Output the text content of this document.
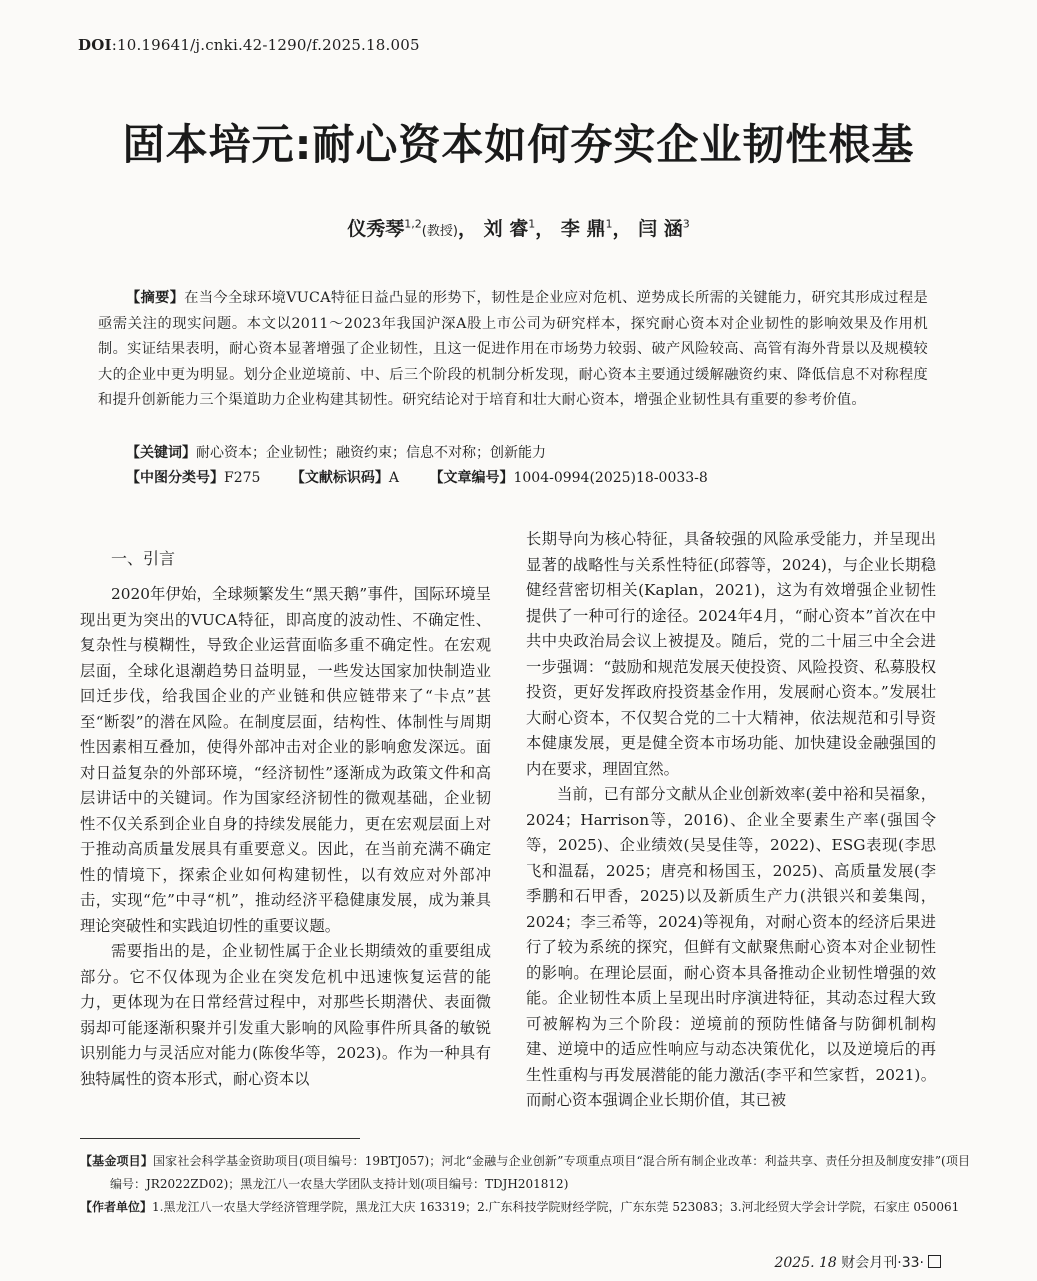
DOI:10.19641/j.cnki.42-1290/f.2025.18.005
固本培元:耐心资本如何夯实企业韧性根基
仪秀琴$^{1,2}$(教授)， 刘 睿$^1$， 李 鼎$^1$， 闫 涵$^3$
【摘要】在当今全球环境VUCA特征日益凸显的形势下，韧性是企业应对危机、逆势成长所需的关键能力，研究其形成过程是亟需关注的现实问题。本文以2011～2023年我国沪深A股上市公司为研究样本，探究耐心资本对企业韧性的影响效果及作用机制。实证结果表明，耐心资本显著增强了企业韧性，且这一促进作用在市场势力较弱、破产风险较高、高管有海外背景以及规模较大的企业中更为明显。划分企业逆境前、中、后三个阶段的机制分析发现，耐心资本主要通过缓解融资约束、降低信息不对称程度和提升创新能力三个渠道助力企业构建其韧性。研究结论对于培育和壮大耐心资本，增强企业韧性具有重要的参考价值。
【关键词】耐心资本；企业韧性；融资约束；信息不对称；创新能力
【中图分类号】F275 【文献标识码】A 【文章编号】1004-0994(2025)18-0033-8
一、引言

2020年伊始，全球频繁发生“黑天鹅”事件，国际环境呈现出更为突出的VUCA特征，即高度的波动性、不确定性、复杂性与模糊性，导致企业运营面临多重不确定性。在宏观层面，全球化退潮趋势日益明显，一些发达国家加快制造业回迁步伐，给我国企业的产业链和供应链带来了“卡点”甚至“断裂”的潜在风险。在制度层面，结构性、体制性与周期性因素相互叠加，使得外部冲击对企业的影响愈发深远。面对日益复杂的外部环境，“经济韧性”逐渐成为政策文件和高层讲话中的关键词。作为国家经济韧性的微观基础，企业韧性不仅关系到企业自身的持续发展能力，更在宏观层面上对于推动高质量发展具有重要意义。因此，在当前充满不确定性的情境下，探索企业如何构建韧性，以有效应对外部冲击，实现“危”中寻“机”，推动经济平稳健康发展，成为兼具理论突破性和实践迫切性的重要议题。

需要指出的是，企业韧性属于企业长期绩效的重要组成部分。它不仅体现为企业在突发危机中迅速恢复运营的能力，更体现为在日常经营过程中，对那些长期潜伏、表面微弱却可能逐渐积聚并引发重大影响的风险事件所具备的敏锐识别能力与灵活应对能力(陈俊华等，2023)。作为一种具有独特属性的资本形式，耐心资本以

长期导向为核心特征，具备较强的风险承受能力，并呈现出显著的战略性与关系性特征(邱蓉等，2024)，与企业长期稳健经营密切相关(Kaplan，2021)，这为有效增强企业韧性提供了一种可行的途径。2024年4月，“耐心资本”首次在中共中央政治局会议上被提及。随后，党的二十届三中全会进一步强调：“鼓励和规范发展天使投资、风险投资、私募股权投资，更好发挥政府投资基金作用，发展耐心资本。”发展壮大耐心资本，不仅契合党的二十大精神，依法规范和引导资本健康发展，更是健全资本市场功能、加快建设金融强国的内在要求，理固宜然。

当前，已有部分文献从企业创新效率(姜中裕和吴福象，2024；Harrison等，2016)、企业全要素生产率(强国令等，2025)、企业绩效(吴旻佳等，2022)、ESG表现(李思飞和温磊，2025；唐亮和杨国玉，2025)、高质量发展(李季鹏和石甲香，2025)以及新质生产力(洪银兴和姜集闯，2024；李三希等，2024)等视角，对耐心资本的经济后果进行了较为系统的探究，但鲜有文献聚焦耐心资本对企业韧性的影响。在理论层面，耐心资本具备推动企业韧性增强的效能。企业韧性本质上呈现出时序演进特征，其动态过程大致可被解构为三个阶段：逆境前的预防性储备与防御机制构建、逆境中的适应性响应与动态决策优化，以及逆境后的再生性重构与再发展潜能的能力激活(李平和竺家哲，2021)。而耐心资本强调企业长期价值，其已被

【基金项目】国家社会科学基金资助项目(项目编号：19BTJ057)；河北“金融与企业创新”专项重点项目“混合所有制企业改革：利益共享、责任分担及制度安排”(项目编号：JR2022ZD02)；黑龙江八一农垦大学团队支持计划(项目编号：TDJH201812)
【作者单位】1.黑龙江八一农垦大学经济管理学院，黑龙江大庆 163319；2.广东科技学院财经学院，广东东莞 523083；3.河北经贸大学会计学院，石家庄 050061
2025. 18 财会月刊·33·
